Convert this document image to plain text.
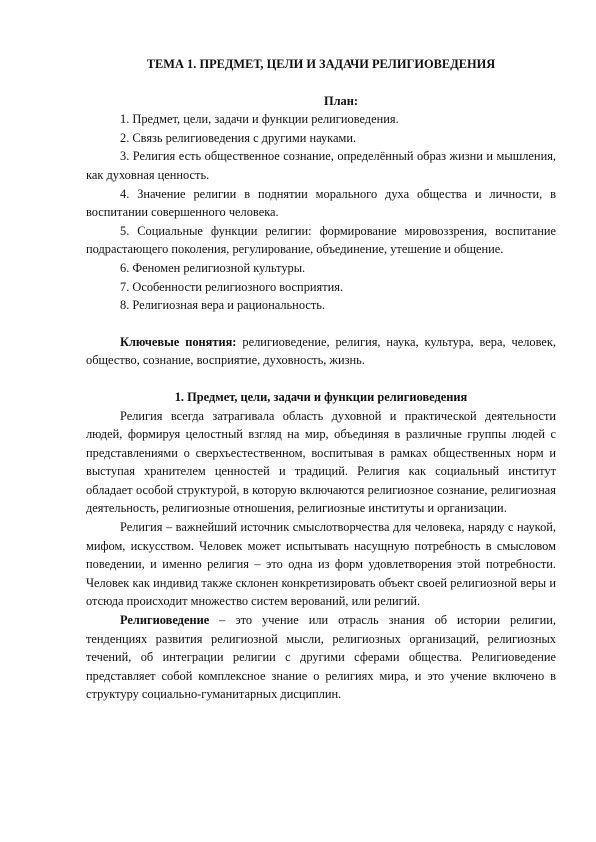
ТЕМА 1. ПРЕДМЕТ, ЦЕЛИ И ЗАДАЧИ РЕЛИГИОВЕДЕНИЯ

План:

1. Предмет, цели, задачи и функции религиоведения.

2. Связь религиоведения с другими науками.

3. Религия есть общественное сознание, определённый образ жизни и мышления, как духовная ценность.

4. Значение религии в поднятии морального духа общества и личности, в воспитании совершенного человека.

5. Социальные функции религии: формирование мировоззрения, воспитание подрастающего поколения, регулирование, объединение, утешение и общение.

6. Феномен религиозной культуры.

7. Особенности религиозного восприятия.

8. Религиозная вера и рациональность.

Ключевые понятия: религиоведение, религия, наука, культура, вера, человек, общество, сознание, восприятие, духовность, жизнь.

1. Предмет, цели, задачи и функции религиоведения

Религия всегда затрагивала область духовной и практической деятельности людей, формируя целостный взгляд на мир, объединяя в различные группы людей с представлениями о сверхъестественном, воспитывая в рамках общественных норм и выступая хранителем ценностей и традиций. Религия как социальный институт обладает особой структурой, в которую включаются религиозное сознание, религиозная деятельность, религиозные отношения, религиозные институты и организации.

Религия – важнейший источник смыслотворчества для человека, наряду с наукой, мифом, искусством. Человек может испытывать насущную потребность в смысловом поведении, и именно религия – это одна из форм удовлетворения этой потребности. Человек как индивид также склонен конкретизировать объект своей религиозной веры и отсюда происходит множество систем верований, или религий.

Религиоведение – это учение или отрасль знания об истории религии, тенденциях развития религиозной мысли, религиозных организаций, религиозных течений, об интеграции религии с другими сферами общества. Религиоведение представляет собой комплексное знание о религиях мира, и это учение включено в структуру социально-гуманитарных дисциплин.
